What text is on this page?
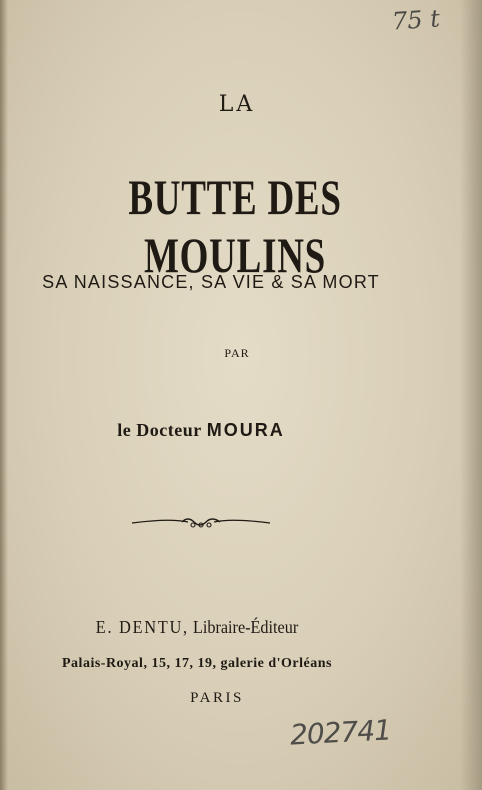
75 t
LA
BUTTE DES MOULINS
SA NAISSANCE, SA VIE & SA MORT
PAR
le Docteur MOURA
E. DENTU, Libraire-Éditeur
Palais-Royal, 15, 17, 19, galerie d'Orléans
PARIS
202741
